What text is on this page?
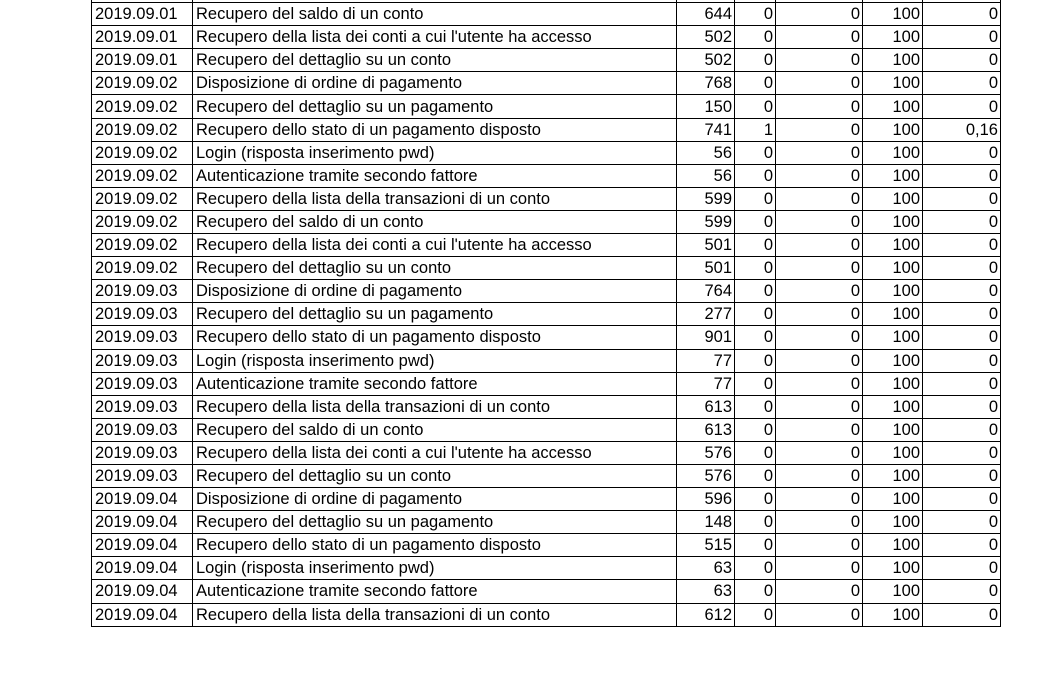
2019.09.01	Recupero del saldo di un conto	644	0	0	100	0
2019.09.01	Recupero della lista dei conti a cui l'utente ha accesso	502	0	0	100	0
2019.09.01	Recupero del dettaglio su un conto	502	0	0	100	0
2019.09.02	Disposizione di ordine di pagamento	768	0	0	100	0
2019.09.02	Recupero del dettaglio su un pagamento	150	0	0	100	0
2019.09.02	Recupero dello stato di un pagamento disposto	741	1	0	100	0,16
2019.09.02	Login (risposta inserimento pwd)	56	0	0	100	0
2019.09.02	Autenticazione tramite secondo fattore	56	0	0	100	0
2019.09.02	Recupero della lista della transazioni di un conto	599	0	0	100	0
2019.09.02	Recupero del saldo di un conto	599	0	0	100	0
2019.09.02	Recupero della lista dei conti a cui l'utente ha accesso	501	0	0	100	0
2019.09.02	Recupero del dettaglio su un conto	501	0	0	100	0
2019.09.03	Disposizione di ordine di pagamento	764	0	0	100	0
2019.09.03	Recupero del dettaglio su un pagamento	277	0	0	100	0
2019.09.03	Recupero dello stato di un pagamento disposto	901	0	0	100	0
2019.09.03	Login (risposta inserimento pwd)	77	0	0	100	0
2019.09.03	Autenticazione tramite secondo fattore	77	0	0	100	0
2019.09.03	Recupero della lista della transazioni di un conto	613	0	0	100	0
2019.09.03	Recupero del saldo di un conto	613	0	0	100	0
2019.09.03	Recupero della lista dei conti a cui l'utente ha accesso	576	0	0	100	0
2019.09.03	Recupero del dettaglio su un conto	576	0	0	100	0
2019.09.04	Disposizione di ordine di pagamento	596	0	0	100	0
2019.09.04	Recupero del dettaglio su un pagamento	148	0	0	100	0
2019.09.04	Recupero dello stato di un pagamento disposto	515	0	0	100	0
2019.09.04	Login (risposta inserimento pwd)	63	0	0	100	0
2019.09.04	Autenticazione tramite secondo fattore	63	0	0	100	0
2019.09.04	Recupero della lista della transazioni di un conto	612	0	0	100	0
